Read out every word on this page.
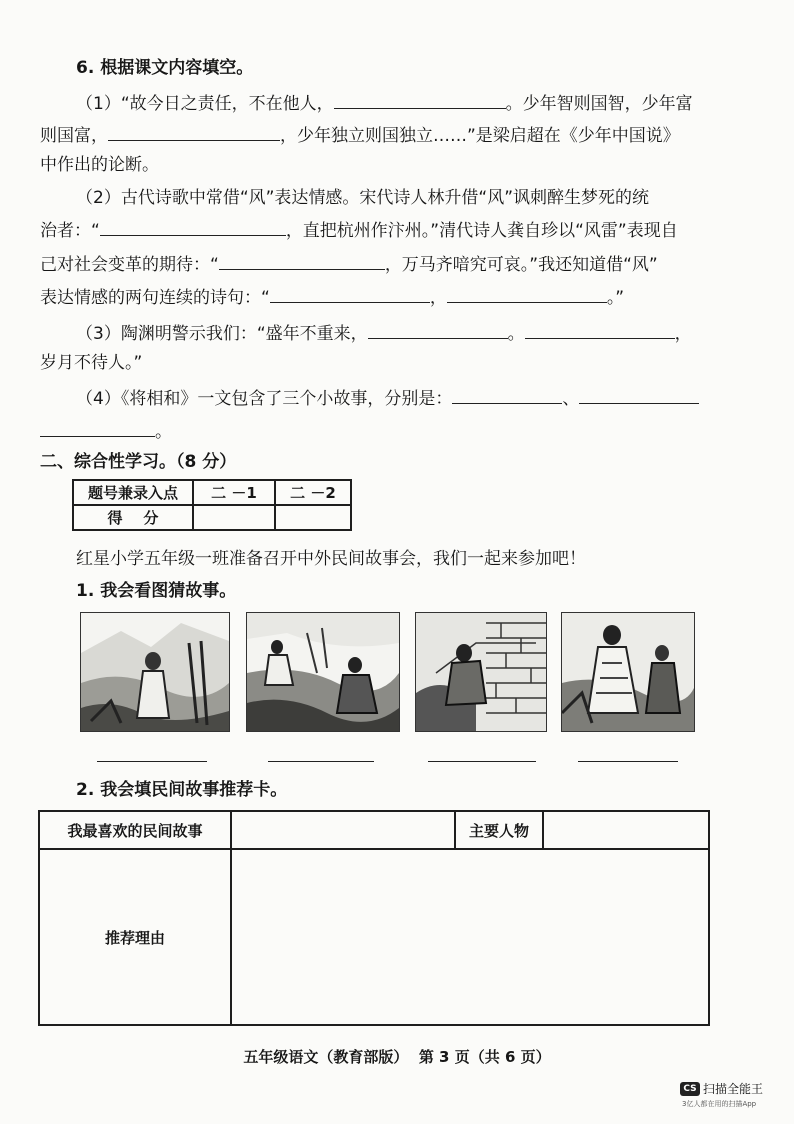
6. 根据课文内容填空。
（1）“故今日之责任，不在他人，	。少年智则国智，少年富
则国富，	，少年独立则国独立……”是梁启超在《少年中国说》
中作出的论断。
（2）古代诗歌中常借“风”表达情感。宋代诗人林升借“风”讽刺醉生梦死的统
治者：“	，直把杭州作汴州。”清代诗人龚自珍以“风雷”表现自
己对社会变革的期待：“	，万马齐喑究可哀。”我还知道借“风”
表达情感的两句连续的诗句：“	，	。”
（3）陶渊明警示我们：“盛年不重来，	。	，
岁月不待人。”
（4）《将相和》一文包含了三个小故事，分别是：	、
。
二、综合性学习。（8 分）
题号兼录入点	二 －1	二 －2
得    分		
红星小学五年级一班准备召开中外民间故事会，我们一起来参加吧！
1. 我会看图猜故事。
2. 我会填民间故事推荐卡。
我最喜欢的民间故事		主要人物	
推荐理由			
五年级语文（教育部版）  第 3 页（共 6 页）
CS 扫描全能王
3亿人都在用的扫描App
